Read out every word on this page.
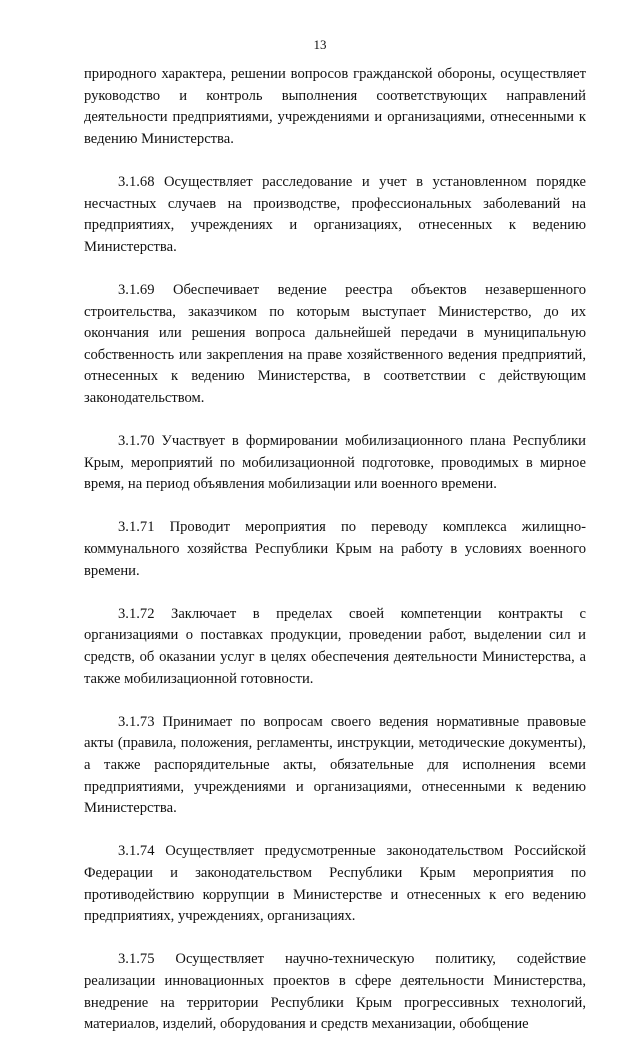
13

природного характера, решении вопросов гражданской обороны, осуществляет руководство и контроль выполнения соответствующих направлений деятельности предприятиями, учреждениями и организациями, отнесенными к ведению Министерства.

3.1.68 Осуществляет расследование и учет в установленном порядке несчастных случаев на производстве, профессиональных заболеваний на предприятиях, учреждениях и организациях, отнесенных к ведению Министерства.

3.1.69 Обеспечивает ведение реестра объектов незавершенного строительства, заказчиком по которым выступает Министерство, до их окончания или решения вопроса дальнейшей передачи в муниципальную собственность или закрепления на праве хозяйственного ведения предприятий, отнесенных к ведению Министерства, в соответствии с действующим законодательством.

3.1.70 Участвует в формировании мобилизационного плана Республики Крым, мероприятий по мобилизационной подготовке, проводимых в мирное время, на период объявления мобилизации или военного времени.

3.1.71 Проводит мероприятия по переводу комплекса жилищно-коммунального хозяйства Республики Крым на работу в условиях военного времени.

3.1.72 Заключает в пределах своей компетенции контракты с организациями о поставках продукции, проведении работ, выделении сил и средств, об оказании услуг в целях обеспечения деятельности Министерства, а также мобилизационной готовности.

3.1.73 Принимает по вопросам своего ведения нормативные правовые акты (правила, положения, регламенты, инструкции, методические документы), а также распорядительные акты, обязательные для исполнения всеми предприятиями, учреждениями и организациями, отнесенными к ведению Министерства.

3.1.74 Осуществляет предусмотренные законодательством Российской Федерации и законодательством Республики Крым мероприятия по противодействию коррупции в Министерстве и отнесенных к его ведению предприятиях, учреждениях, организациях.

3.1.75 Осуществляет научно-техническую политику, содействие реализации инновационных проектов в сфере деятельности Министерства, внедрение на территории Республики Крым прогрессивных технологий, материалов, изделий, оборудования и средств механизации, обобщение
